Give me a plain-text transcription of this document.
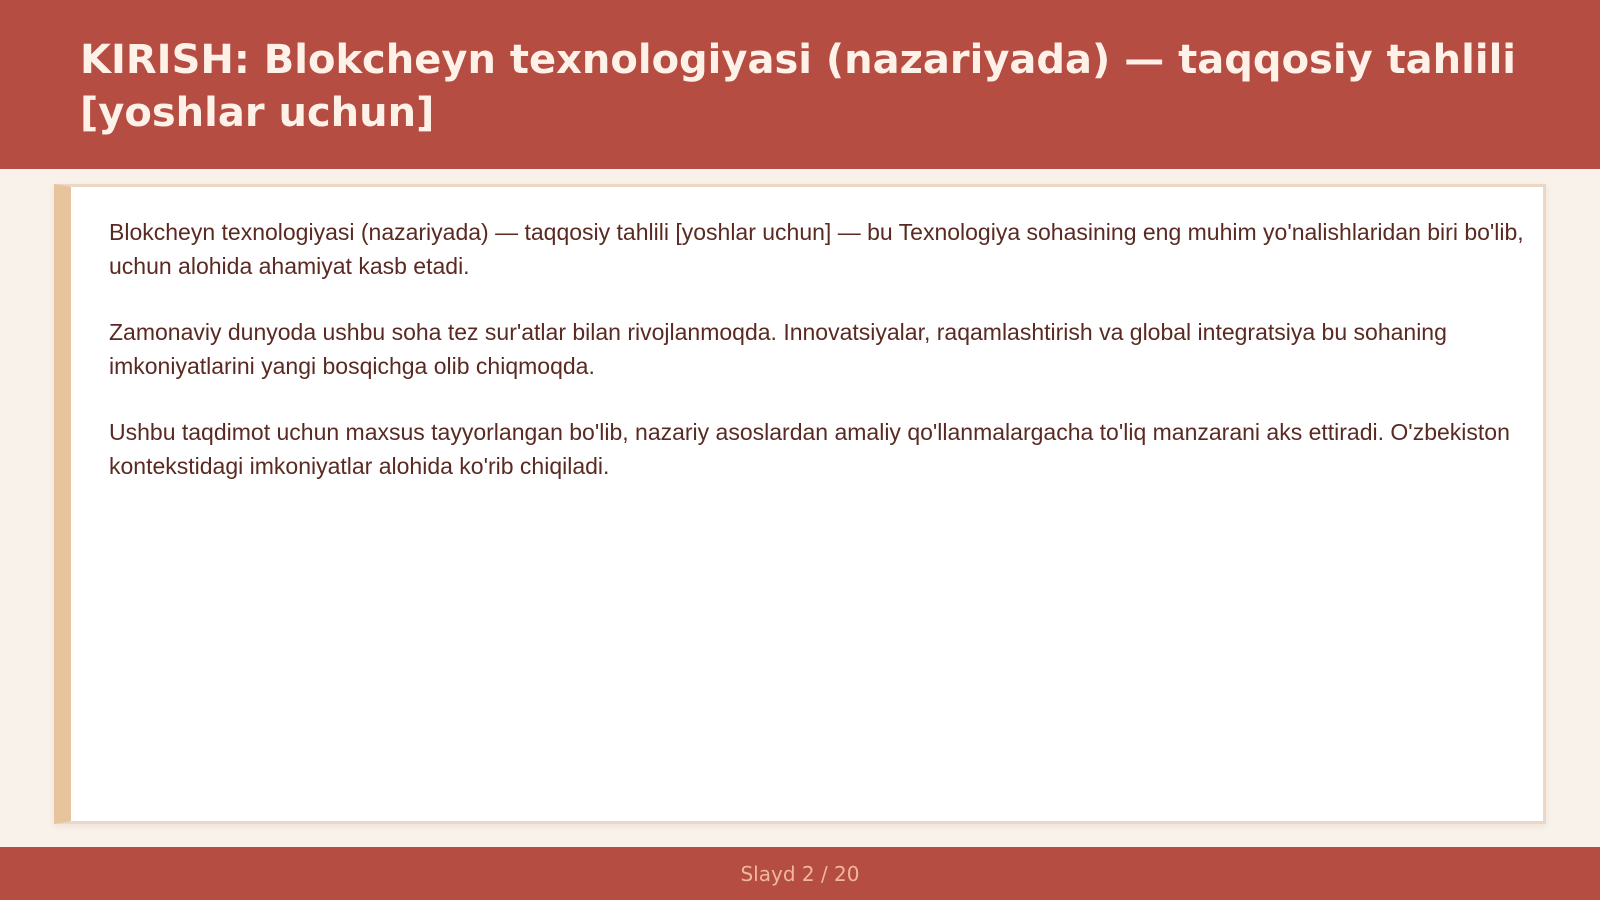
KIRISH: Blokcheyn texnologiyasi (nazariyada) — taqqosiy tahlili [yoshlar uchun]

Blokcheyn texnologiyasi (nazariyada) — taqqosiy tahlili [yoshlar uchun] — bu Texnologiya sohasining eng muhim yo'nalishlaridan biri bo'lib, uchun alohida ahamiyat kasb etadi.

Zamonaviy dunyoda ushbu soha tez sur'atlar bilan rivojlanmoqda. Innovatsiyalar, raqamlashtirish va global integratsiya bu sohaning imkoniyatlarini yangi bosqichga olib chiqmoqda.

Ushbu taqdimot uchun maxsus tayyorlangan bo'lib, nazariy asoslardan amaliy qo'llanmalargacha to'liq manzarani aks ettiradi. O'zbekiston kontekstidagi imkoniyatlar alohida ko'rib chiqiladi.

Slayd 2 / 20
